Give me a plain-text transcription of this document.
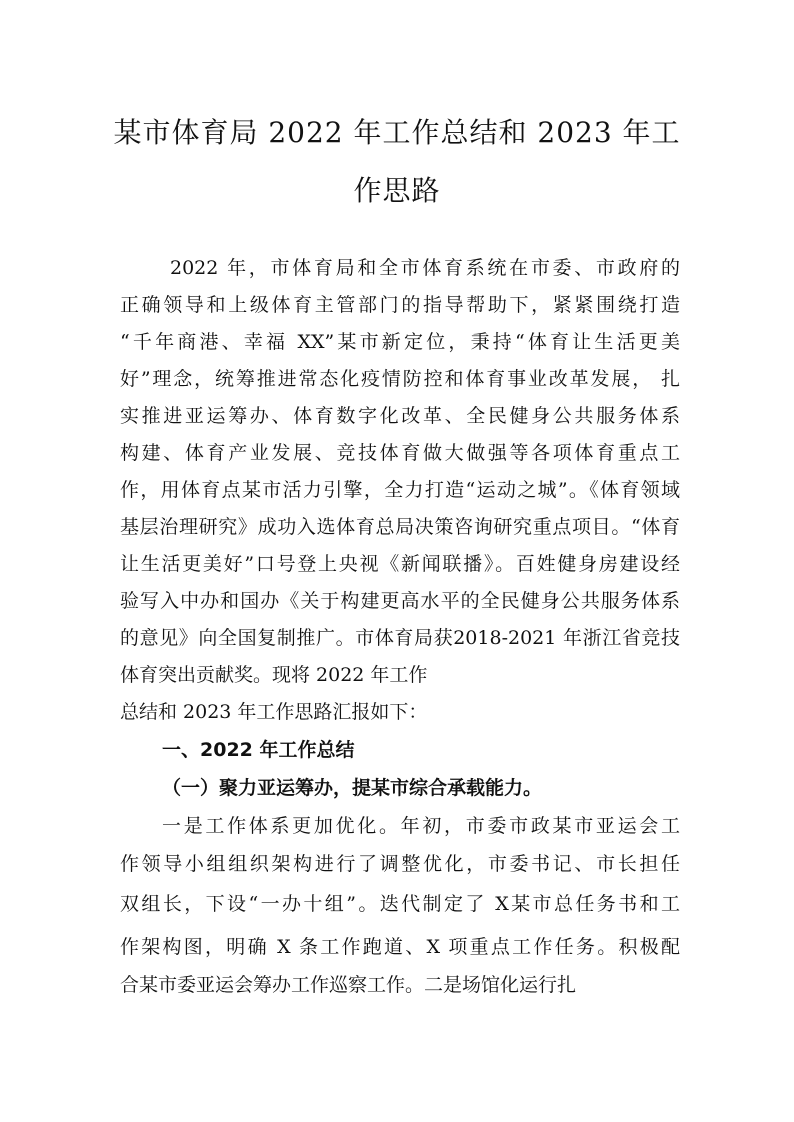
某市体育局 2022 年工作总结和 2023 年工
作思路
2022 年，市体育局和全市体育系统在市委、市政府的
正确领导和上级体育主管部门的指导帮助下，紧紧围绕打造
“千年商港、幸福 XX”某市新定位，秉持“体育让生活更美
好”理念，统筹推进常态化疫情防控和体育事业改革发展， 扎
实推进亚运筹办、体育数字化改革、全民健身公共服务体系
构建、体育产业发展、竞技体育做大做强等各项体育重点工
作，用体育点某市活力引擎，全力打造“运动之城”。《体育领域
基层治理研究》成功入选体育总局决策咨询研究重点项目。“体育
让生活更美好”口号登上央视《新闻联播》。百姓健身房建设经
验写入中办和国办《关于构建更高水平的全民健身公共服务体系
的意见》向全国复制推广。市体育局获2018-2021 年浙江省竞技
体育突出贡献奖。现将 2022 年工作
总结和 2023 年工作思路汇报如下：
一、2022 年工作总结
（一）聚力亚运筹办，提某市综合承载能力。
一是工作体系更加优化。年初，市委市政某市亚运会工
作领导小组组织架构进行了调整优化，市委书记、市长担任
双组长，下设“一办十组”。迭代制定了 X某市总任务书和工
作架构图，明确 X 条工作跑道、X 项重点工作任务。积极配
合某市委亚运会筹办工作巡察工作。二是场馆化运行扎
